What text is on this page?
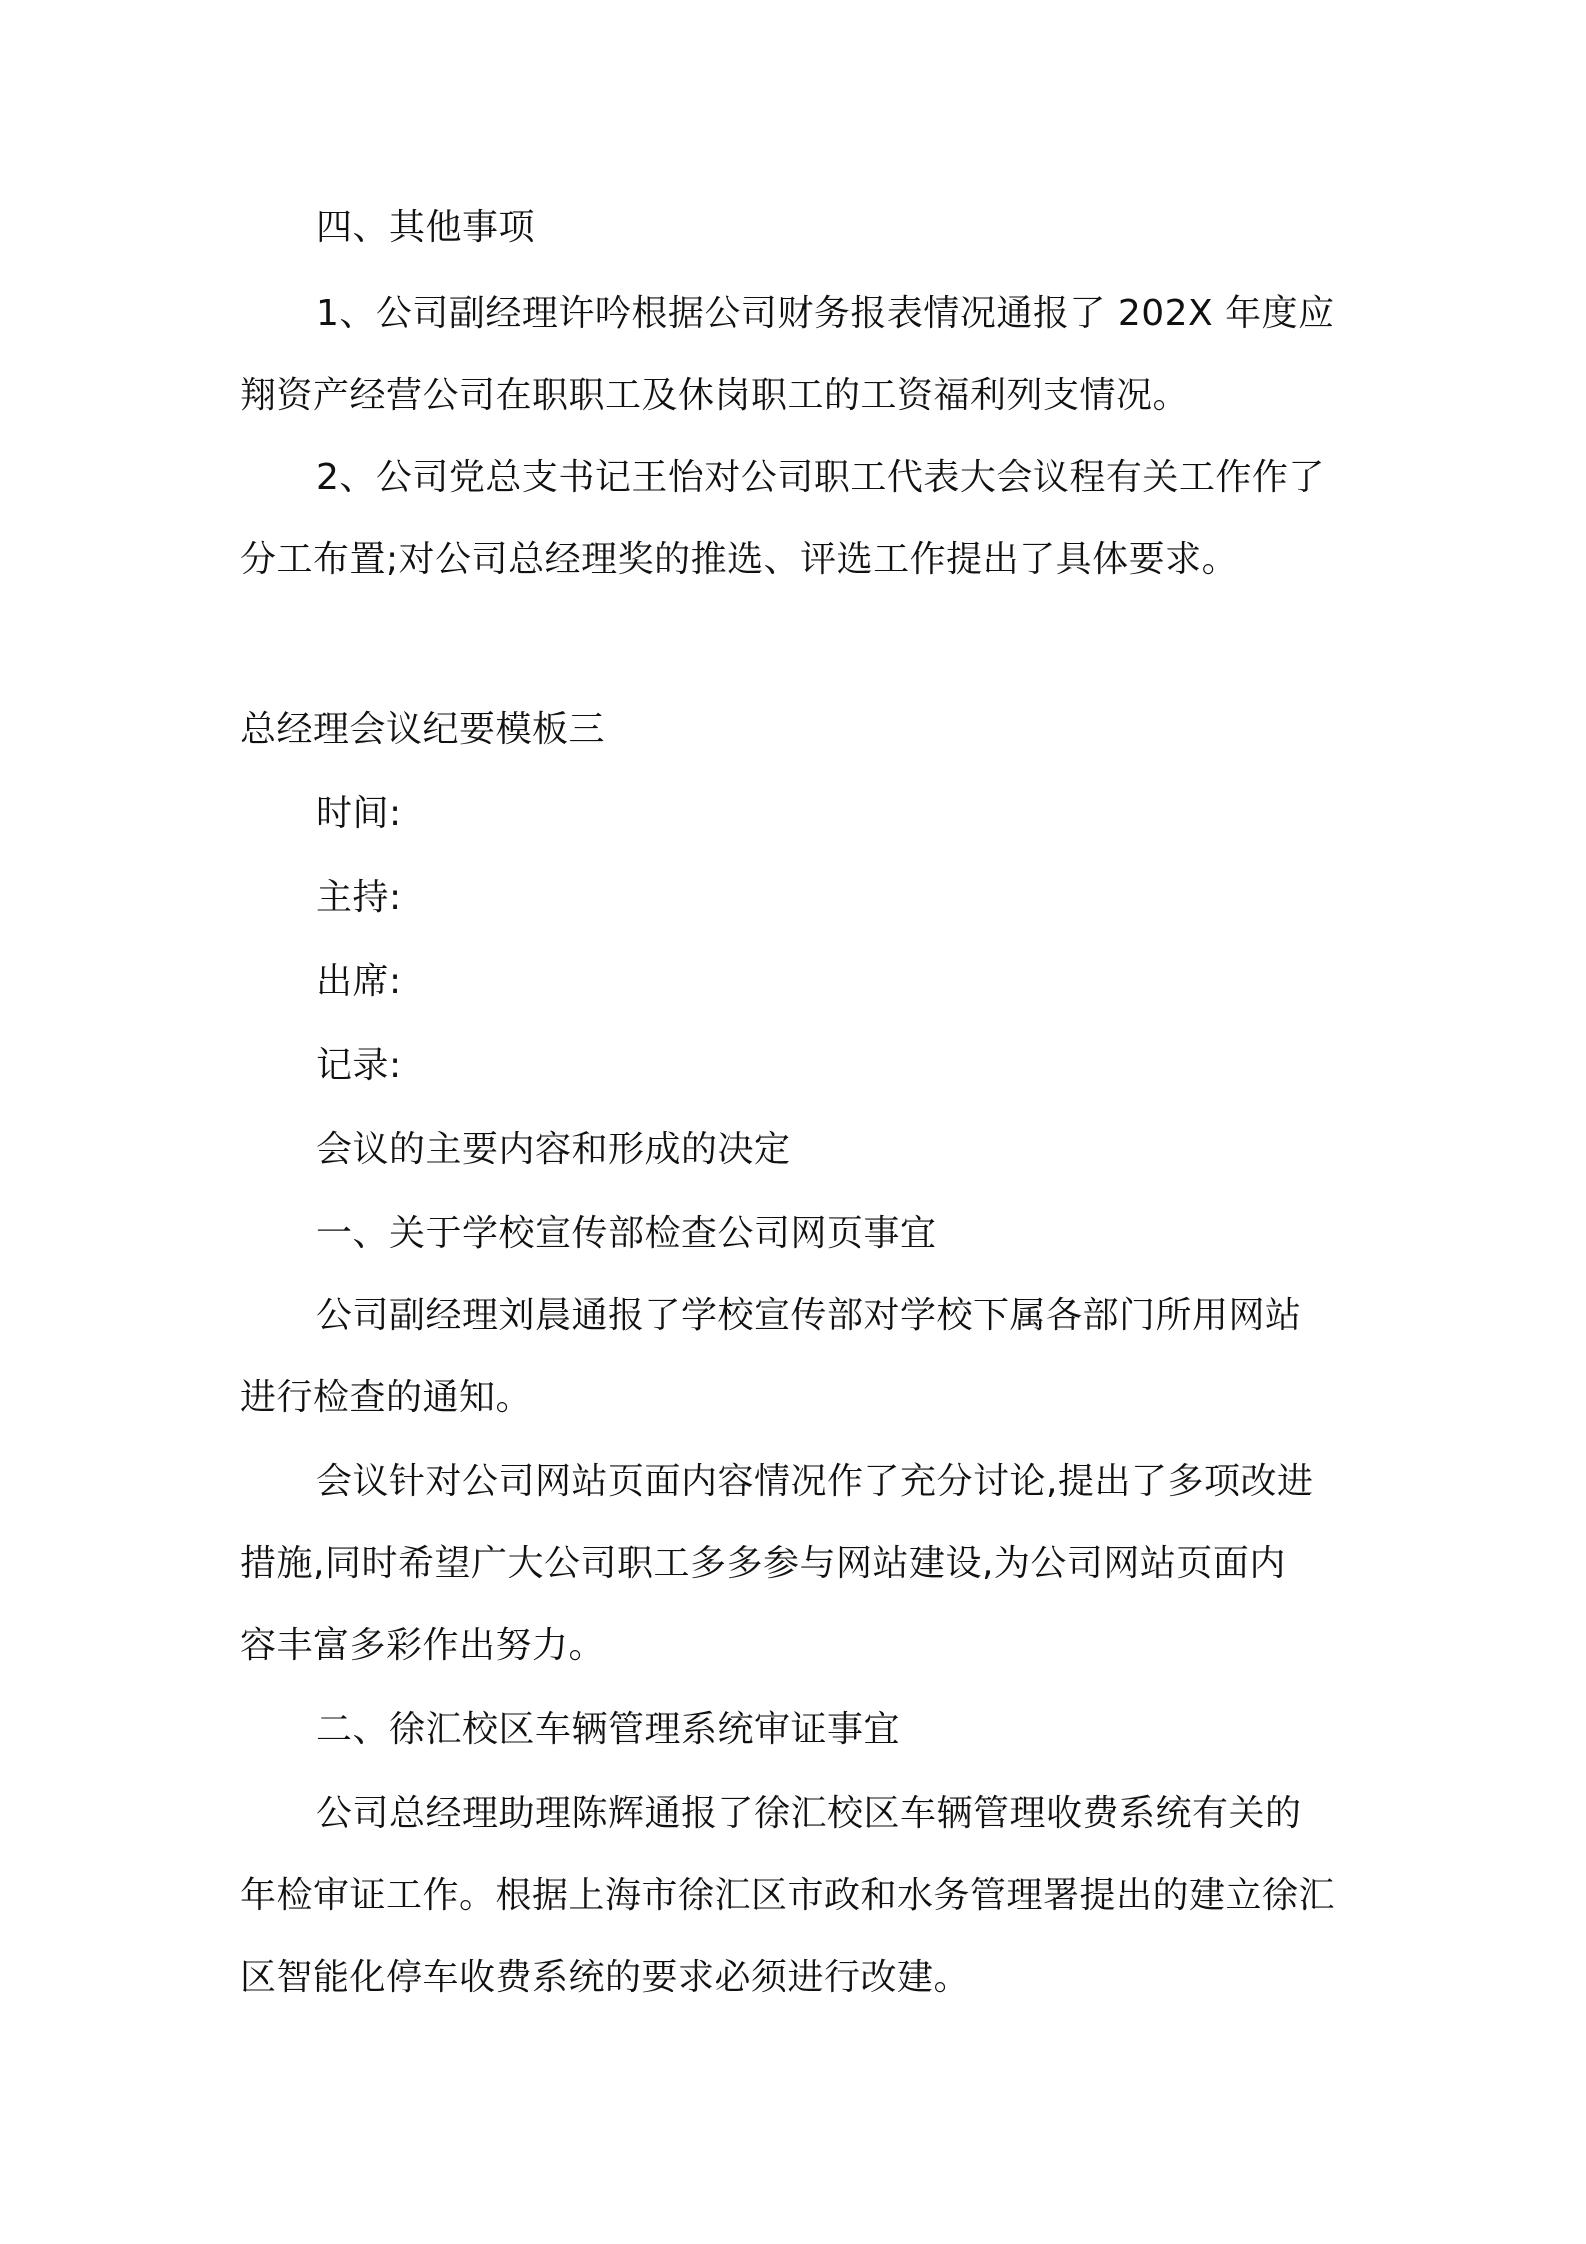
四、其他事项
1、公司副经理许吟根据公司财务报表情况通报了 202X 年度应
翔资产经营公司在职职工及休岗职工的工资福利列支情况。
2、公司党总支书记王怡对公司职工代表大会议程有关工作作了
分工布置;对公司总经理奖的推选、评选工作提出了具体要求。
总经理会议纪要模板三
时间:
主持:
出席:
记录:
会议的主要内容和形成的决定
一、关于学校宣传部检查公司网页事宜
公司副经理刘晨通报了学校宣传部对学校下属各部门所用网站
进行检查的通知。
会议针对公司网站页面内容情况作了充分讨论,提出了多项改进
措施,同时希望广大公司职工多多参与网站建设,为公司网站页面内
容丰富多彩作出努力。
二、徐汇校区车辆管理系统审证事宜
公司总经理助理陈辉通报了徐汇校区车辆管理收费系统有关的
年检审证工作。根据上海市徐汇区市政和水务管理署提出的建立徐汇
区智能化停车收费系统的要求必须进行改建。
